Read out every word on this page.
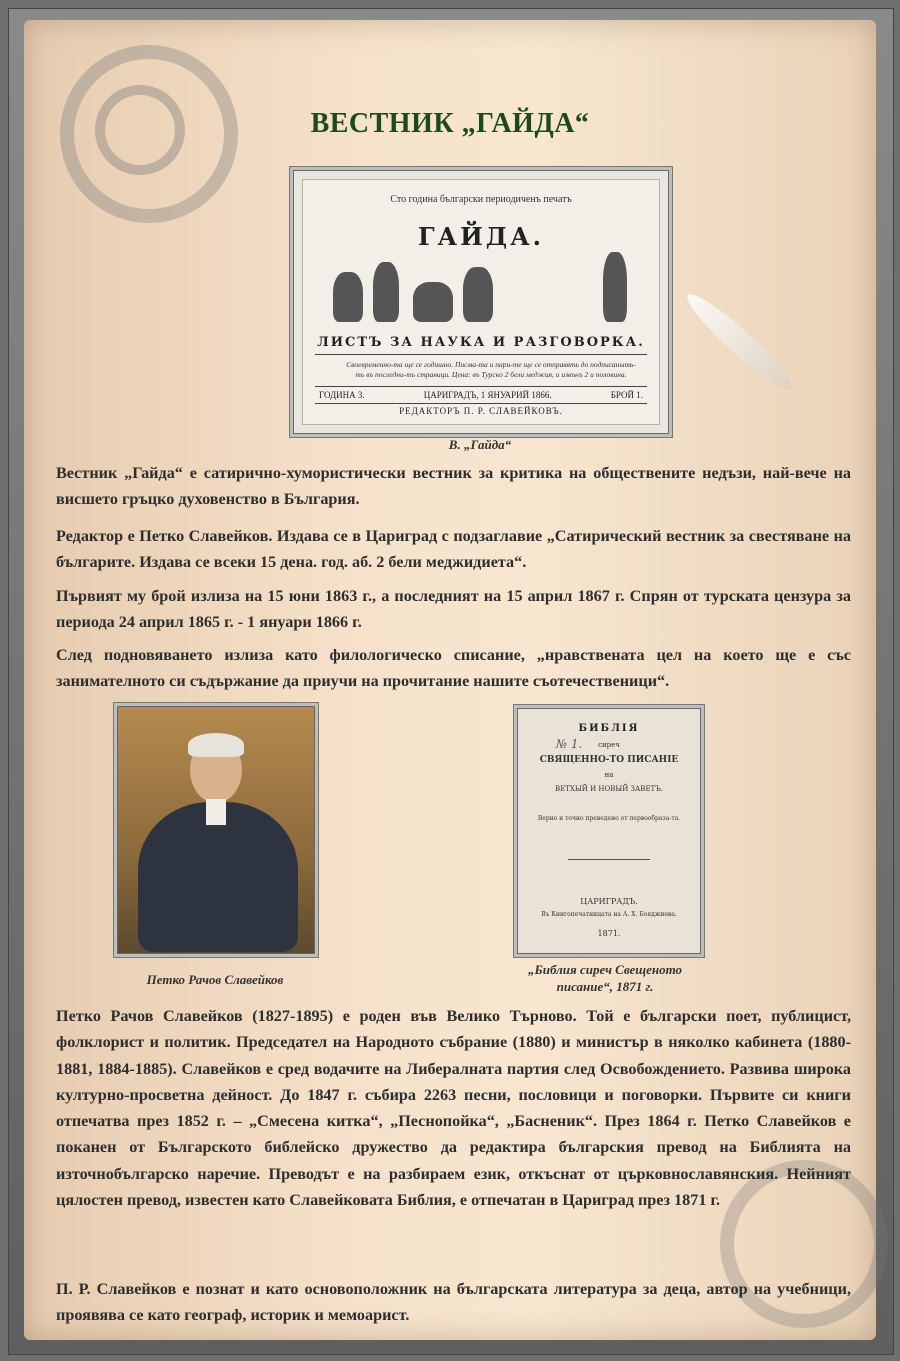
ВЕСТНИК „ГАЙДА“
Сто година български периодиченъ печатъ
ГАЙДА.
ЛИСТЪ ЗА НАУКА И РАЗГОВОРКА.
Своевременно-та ще се годишно. Писма-та и пари-те ще се отправять до подписаныть-ть въ последни-ть страници. Цена: въ Турско 2 бели меджия, и извънъ 2 и половина.
ГОДИНА 3.	ЦАРИГРАДЪ, 1 ЯНУАРИЙ 1866.	БРОЙ 1.
РЕДАКТОРЪ П. Р. СЛАВЕЙКОВЪ.
В. „Гайда“
Вестник „Гайда“ е сатирично-хумористически вестник за критика на обществените недъзи, най-вече на висшето гръцко духовенство в България.
Редактор е Петко Славейков. Издава се в Цариград с подзаглавие „Сатирический вестник за свестяване на българите. Издава се всеки 15 дена. год. аб. 2 бели меджидиета“.
Първият му брой излиза на 15 юни 1863 г., а последният на 15 април 1867 г. Спрян от турската цензура за периода 24 април 1865 г. - 1 януари 1866 г.
След подновяването излиза като филологическо списание, „нравствената цел на което ще е със занимателното си съдържание да приучи на прочитание нашите съотечественици“.
Петко Рачов Славейков
№ 1.
БИБЛІЯ
сиреч
СВЯЩЕННО-ТО ПИСАНІЕ
на
ВЕТХЫЙ И НОВЫЙ ЗАВЕТЪ.
Верно и точно преведено от первообраза-та.
ЦАРИГРАДЪ.
Въ Книгопечатницата на А. Х. Бояджиева.
1871.
„Библия сиреч Свещеното
писание“, 1871 г.
Петко Рачов Славейков (1827-1895) е роден във Велико Търново. Той е български поет, публицист, фолклорист и политик. Председател на Народното събрание (1880) и министър в няколко кабинета (1880-1881, 1884-1885). Славейков е сред водачите на Либералната партия след Освобождението. Развива широка културно-просветна дейност. До 1847 г. събира 2263 песни, пословици и поговорки. Първите си книги отпечатва през 1852 г. – „Смесена китка“, „Песнопойка“, „Басненик“. През 1864 г. Петко Славейков е поканен от Българското библейско дружество да редактира българския превод на Библията на източнобългарско наречие. Преводът е на разбираем език, откъснат от църковнославянския. Нейният цялостен превод, известен като Славейковата Библия, е отпечатан в Цариград през 1871 г.
П. Р. Славейков е познат и като основоположник на българската литература за деца, автор на учебници, проявява се като географ, историк и мемоарист.
